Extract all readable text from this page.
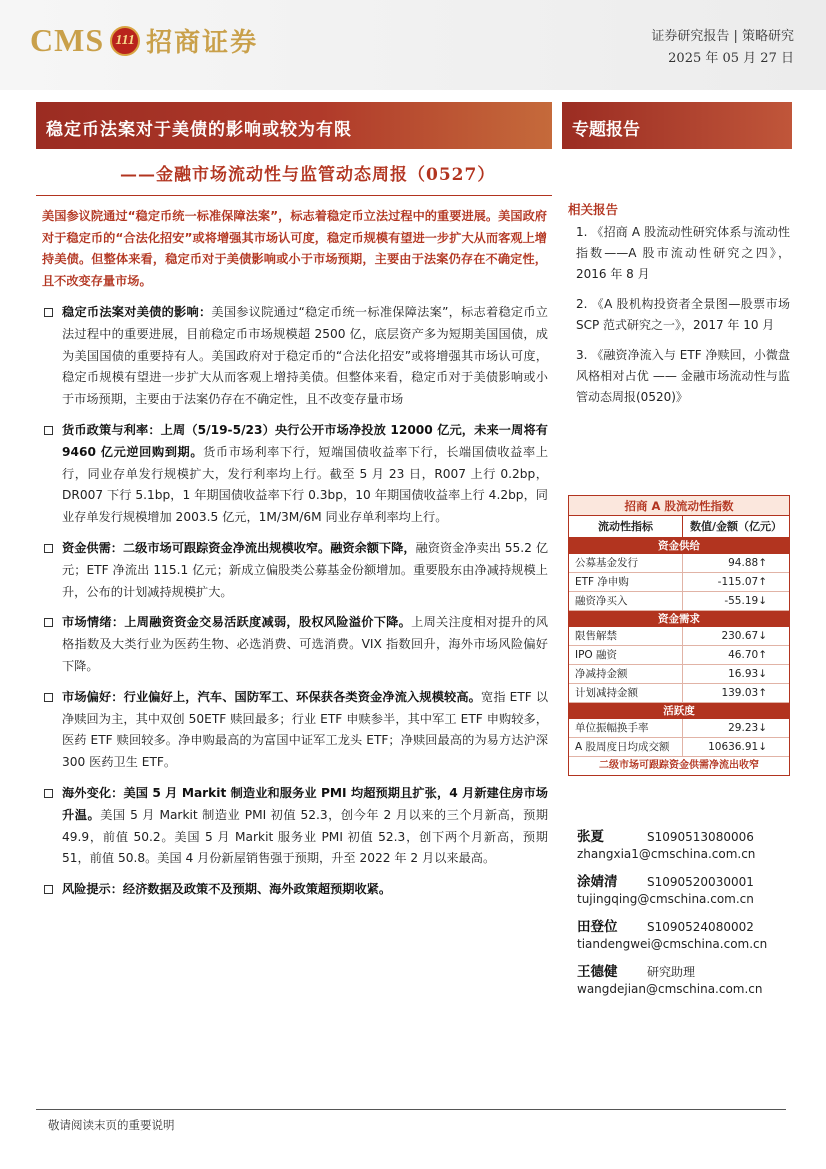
CMS 111 招商证券	证券研究报告 | 策略研究
2025 年 05 月 27 日
稳定币法案对于美债的影响或较为有限
——金融市场流动性与监管动态周报（0527）
专题报告
美国参议院通过“稳定币统一标准保障法案”，标志着稳定币立法过程中的重要进展。美国政府对于稳定币的“合法化招安”或将增强其市场认可度，稳定币规模有望进一步扩大从而客观上增持美债。但整体来看，稳定币对于美债影响或小于市场预期，主要由于法案仍存在不确定性，且不改变存量市场。
稳定币法案对美债的影响：美国参议院通过“稳定币统一标准保障法案”，标志着稳定币立法过程中的重要进展，目前稳定币市场规模超 2500 亿，底层资产多为短期美国国债，成为美国国债的重要持有人。美国政府对于稳定币的“合法化招安”或将增强其市场认可度，稳定币规模有望进一步扩大从而客观上增持美债。但整体来看，稳定币对于美债影响或小于市场预期，主要由于法案仍存在不确定性，且不改变存量市场
货币政策与利率：上周（5/19-5/23）央行公开市场净投放 12000 亿元，未来一周将有 9460 亿元逆回购到期。货币市场利率下行，短端国债收益率下行，长端国债收益率上行，同业存单发行规模扩大，发行利率均上行。截至 5 月 23 日，R007 上行 0.2bp，DR007 下行 5.1bp，1 年期国债收益率下行 0.3bp，10 年期国债收益率上行 4.2bp，同业存单发行规模增加 2003.5 亿元，1M/3M/6M 同业存单利率均上行。
资金供需：二级市场可跟踪资金净流出规模收窄。融资余额下降，融资资金净卖出 55.2 亿元；ETF 净流出 115.1 亿元；新成立偏股类公募基金份额增加。重要股东由净减持规模上升，公布的计划减持规模扩大。
市场情绪：上周融资资金交易活跃度减弱，股权风险溢价下降。上周关注度相对提升的风格指数及大类行业为医药生物、必选消费、可选消费。VIX 指数回升，海外市场风险偏好下降。
市场偏好：行业偏好上，汽车、国防军工、环保获各类资金净流入规模较高。宽指 ETF 以净赎回为主，其中双创 50ETF 赎回最多；行业 ETF 申赎参半，其中军工 ETF 申购较多，医药 ETF 赎回较多。净申购最高的为富国中证军工龙头 ETF；净赎回最高的为易方达沪深 300 医药卫生 ETF。
海外变化：美国 5 月 Markit 制造业和服务业 PMI 均超预期且扩张，4 月新建住房市场升温。美国 5 月 Markit 制造业 PMI 初值 52.3，创今年 2 月以来的三个月新高，预期 49.9，前值 50.2。美国 5 月 Markit 服务业 PMI 初值 52.3，创下两个月新高，预期 51，前值 50.8。美国 4 月份新屋销售强于预期，升至 2022 年 2 月以来最高。
风险提示：经济数据及政策不及预期、海外政策超预期收紧。
相关报告
1. 《招商 A 股流动性研究体系与流动性指数——A 股市流动性研究之四》，2016 年 8 月
2. 《A 股机构投资者全景图—股票市场 SCP 范式研究之一》，2017 年 10 月
3. 《融资净流入与 ETF 净赎回，小微盘风格相对占优 —— 金融市场流动性与监管动态周报(0520)》
招商 A 股流动性指数
流动性指标	数值/金额（亿元）
资金供给
公募基金发行	94.88↑
ETF 净申购	-115.07↑
融资净买入	-55.19↓
资金需求
限售解禁	230.67↓
IPO 融资	46.70↑
净减持金额	16.93↓
计划减持金额	139.03↑
活跃度
单位振幅换手率	29.23↓
A 股周度日均成交额	10636.91↓
二级市场可跟踪资金供需净流出收窄
张夏	S1090513080006
zhangxia1@cmschina.com.cn
涂婧清	S1090520030001
tujingqing@cmschina.com.cn
田登位	S1090524080002
tiandengwei@cmschina.com.cn
王德健	研究助理
wangdejian@cmschina.com.cn
敬请阅读末页的重要说明
